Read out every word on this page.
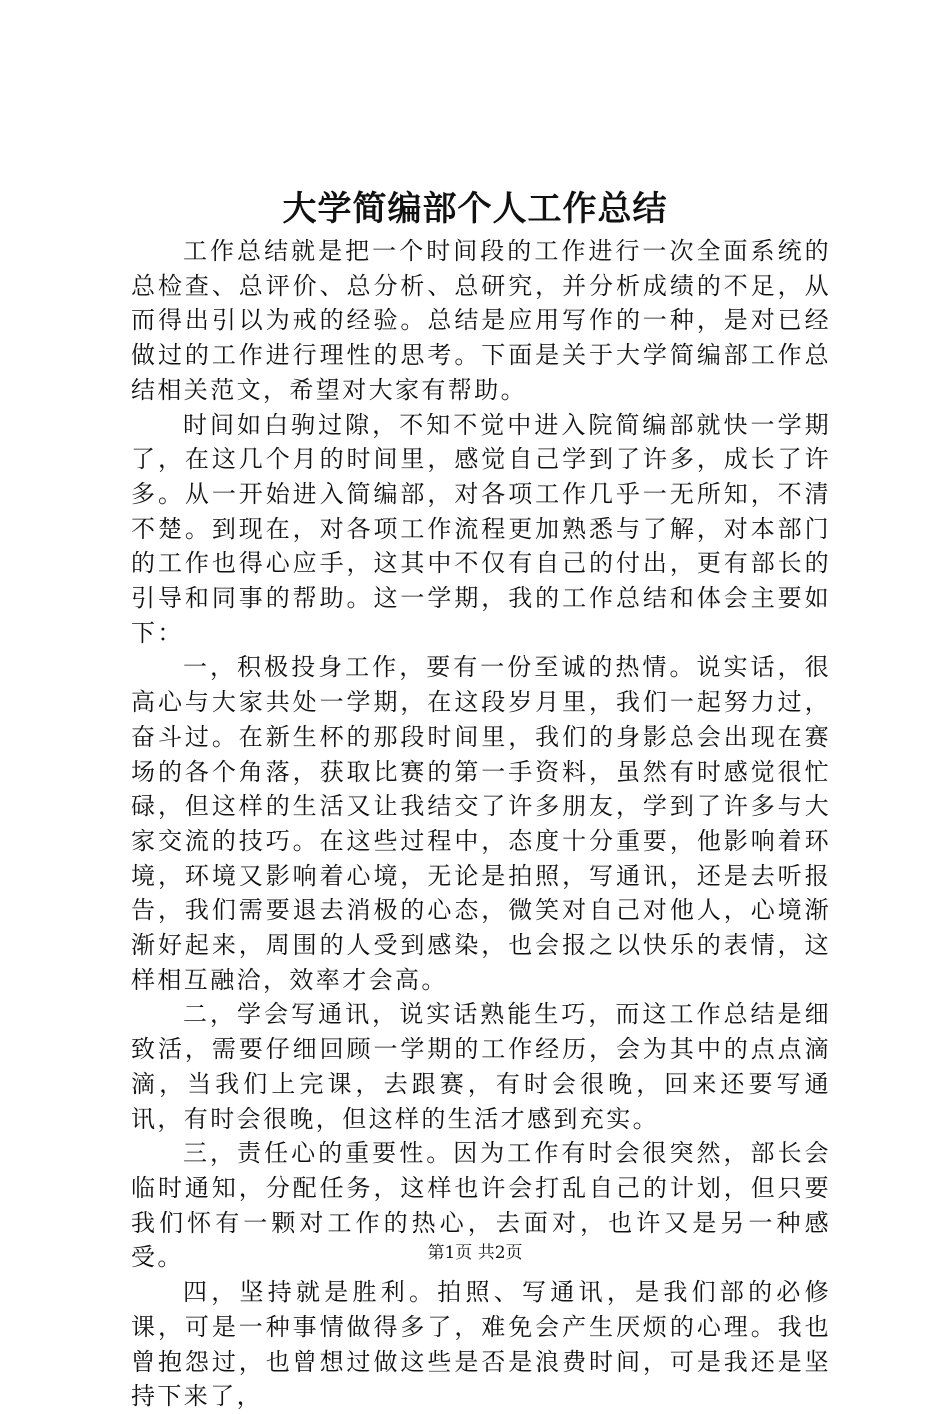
大学简编部个人工作总结

工作总结就是把一个时间段的工作进行一次全面系统的总检查、总评价、总分析、总研究，并分析成绩的不足，从而得出引以为戒的经验。总结是应用写作的一种，是对已经做过的工作进行理性的思考。下面是关于大学简编部工作总结相关范文，希望对大家有帮助。

时间如白驹过隙，不知不觉中进入院简编部就快一学期了，在这几个月的时间里，感觉自己学到了许多，成长了许多。从一开始进入简编部，对各项工作几乎一无所知，不清不楚。到现在，对各项工作流程更加熟悉与了解，对本部门的工作也得心应手，这其中不仅有自己的付出，更有部长的引导和同事的帮助。这一学期，我的工作总结和体会主要如下：

一，积极投身工作，要有一份至诚的热情。说实话，很高心与大家共处一学期，在这段岁月里，我们一起努力过，奋斗过。在新生杯的那段时间里，我们的身影总会出现在赛场的各个角落，获取比赛的第一手资料，虽然有时感觉很忙碌，但这样的生活又让我结交了许多朋友，学到了许多与大家交流的技巧。在这些过程中，态度十分重要，他影响着环境，环境又影响着心境，无论是拍照，写通讯，还是去听报告，我们需要退去消极的心态，微笑对自己对他人，心境渐渐好起来，周围的人受到感染，也会报之以快乐的表情，这样相互融洽，效率才会高。

二，学会写通讯，说实话熟能生巧，而这工作总结是细致活，需要仔细回顾一学期的工作经历，会为其中的点点滴滴，当我们上完课，去跟赛，有时会很晚，回来还要写通讯，有时会很晚，但这样的生活才感到充实。

三，责任心的重要性。因为工作有时会很突然，部长会临时通知，分配任务，这样也许会打乱自己的计划，但只要我们怀有一颗对工作的热心，去面对，也许又是另一种感受。

四，坚持就是胜利。拍照、写通讯，是我们部的必修课，可是一种事情做得多了，难免会产生厌烦的心理。我也曾抱怨过，也曾想过做这些是否是浪费时间，可是我还是坚持下来了，

第1页 共2页
